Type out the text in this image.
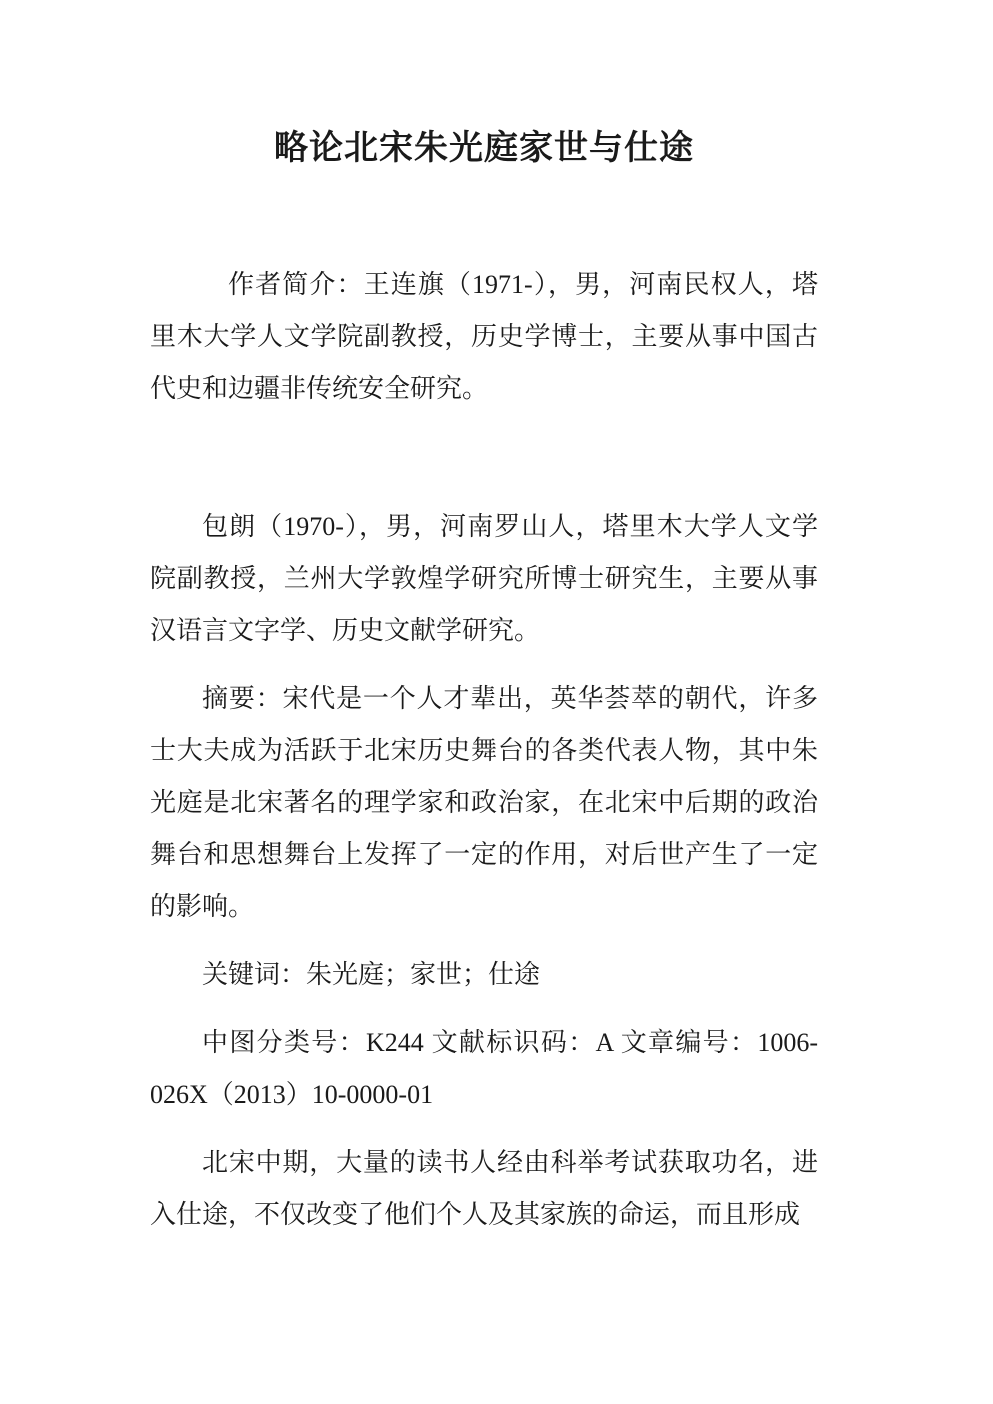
略论北宋朱光庭家世与仕途

作者简介：王连旗（1971-），男，河南民权人，塔里木大学人文学院副教授，历史学博士，主要从事中国古代史和边疆非传统安全研究。

包朗（1970-），男，河南罗山人，塔里木大学人文学院副教授，兰州大学敦煌学研究所博士研究生，主要从事汉语言文字学、历史文献学研究。

摘要：宋代是一个人才辈出，英华荟萃的朝代，许多士大夫成为活跃于北宋历史舞台的各类代表人物，其中朱光庭是北宋著名的理学家和政治家，在北宋中后期的政治舞台和思想舞台上发挥了一定的作用，对后世产生了一定的影响。

关键词：朱光庭；家世；仕途

中图分类号：K244 文献标识码：A 文章编号：1006-026X（2013）10-0000-01

北宋中期，大量的读书人经由科举考试获取功名，进入仕途，不仅改变了他们个人及其家族的命运，而且形成
